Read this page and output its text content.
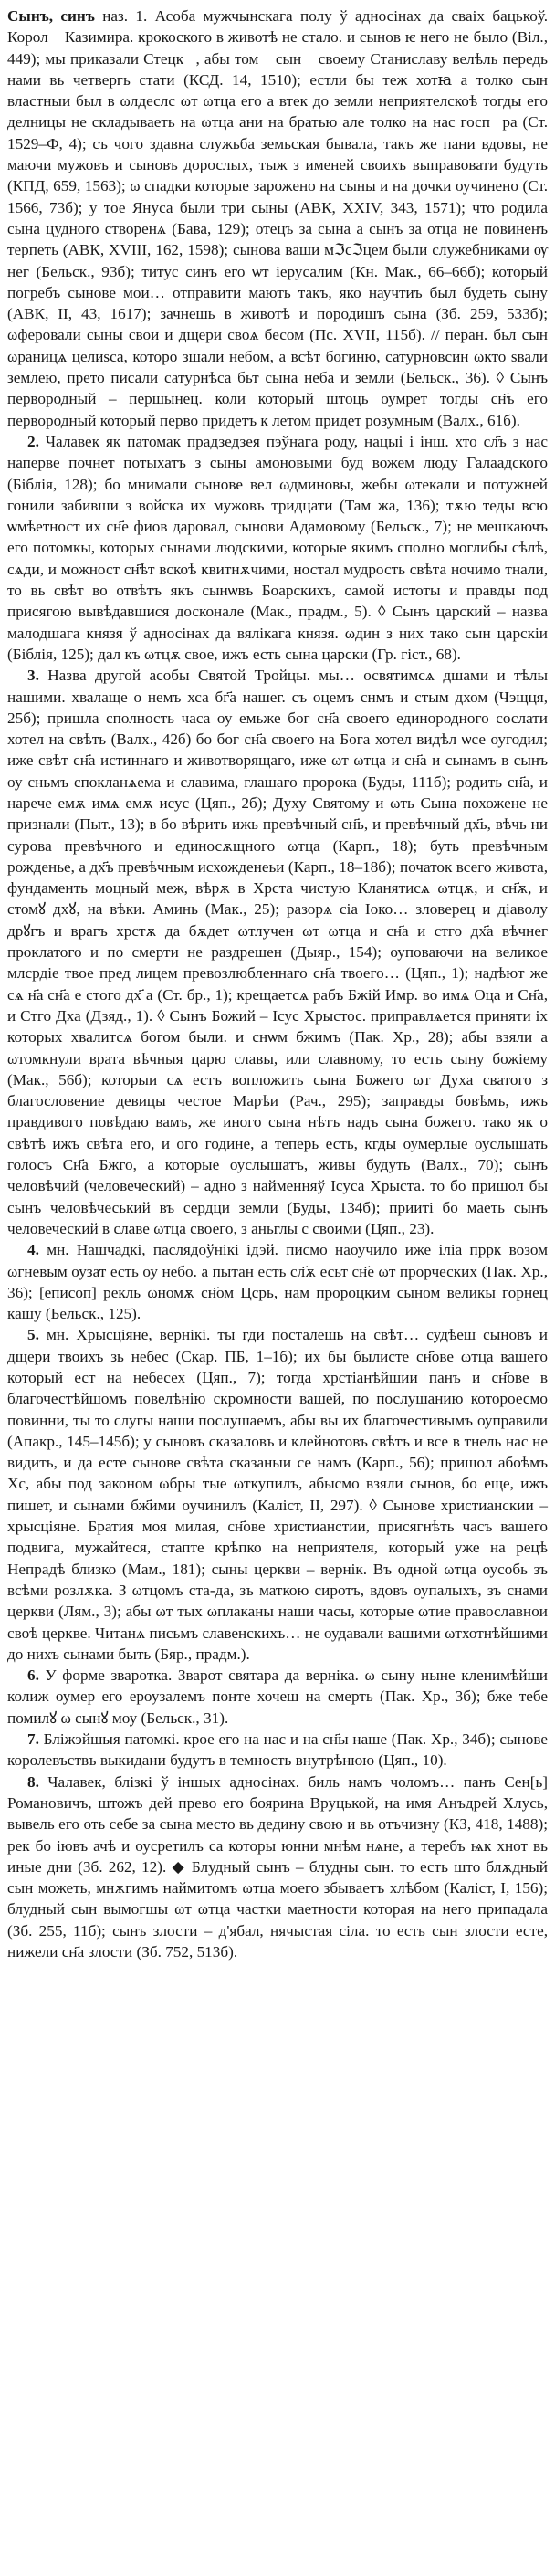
Сынъ, синъ наз. 1. Асоба мужчынскага полу ў адносінах да сваіх бацькоў. Королⷭ Казимира. крокоского в животѣ не стало. и сынов ѥ него не было (Віл., 449); мы приказали Стецкꙋ, абы томꙋ сынꙋ своему Станиславу велѣль передь нами вь четвергь стати (КСД. 14, 1510); естли бы теж хотꙗ а толко сын властныи был в ωлдеслс ωт ωтца его а втек до земли неприятелскоѣ тогды его делницы не складываеть на ωтца ани на братью але толко на нас госпⷣра (Ст. 1529–Ф, 4); съ чого здавна служьба земьская бывала, такъ же пани вдовы, не маючи мужовъ и сыновъ дорослых, тыж з именей своихъ выправовати будуть (КПД, 659, 1563); ω спадки которые зарожено на сыны и на дочки оучинено (Ст. 1566, 73б); у тое Януса были три сыны (АВК, XXIV, 343, 1571); что родила сына цудного створенѧ (Бава, 129); отецъ за сына а сынъ за отца не повиненъ терпеть (АВК, XVIII, 162, 1598); сынова ваши мℑсℑцем были служебниками ѹ нег (Бельск., 93б); титус синъ его ѡт iерусалим (Кн. Мак., 66–66б); который погребъ сынове мои… отправити мають такъ, яко научтиъ был будеть сыну (АВК, II, 43, 1617); зачнешь в животѣ и породишъ сына (Зб. 259, 533б); ωферовали сыны свои и дщери своѧ бесом (Пс. XVII, 115б). // перан. бьл сын ωраницѧ целиѕса, которо зшали небом, а всѣт богиню, сатурновсин ωкто ѕвали землею, прето писали сатурнѣса бьт сына неба и земли (Бельск., 36). ◊ Сынъ первородный – першынец. коли который штоць оумрет тогды сн҃ъ его первородный который перво придетъ к летом придет розумным (Валх., 61б).

2. Чалавек як патомак прадзедзея пэўнага роду, нацыі і інш. хто сл҃ъ з нас наперве почнет потыхатъ з сыны амоновыми буд вожем люду Галаадского (Біблія, 128); бо мнимали сынове вел ωдминовы, жебы ωтекали и потужней гонили забивши з войска их мужовъ тридцати (Там жа, 136); тѫю теды всю ѡмѣетност их сн҃е фиов даровал, сынови Адамовому (Бельск., 7); не мешкаючъ его потомкы, которых сынами людскими, которые якимъ сполно моглибы сѣлѣ, сѧди, и можност сн҃ѣт вскоѣ квитнѫчими, ностал мудрость свѣта ночимо тнали, то вь свѣт во отвѣтъ якъ сынѡвъ Боарскихъ, самой истоты и правды под присягою вывѣдавшися досконале (Мак., прадм., 5). ◊ Сынъ царский – назва малодшага князя ў адносінах да вялікага князя. ωдин з них тако сын царскiи (Біблія, 125); дал къ ωтцѫ свое, ижъ есть сына царски (Гр. гіст., 68).

3. Назва другой асобы Святой Тройцы. мы… освятимсѧ дшами и тѣлы нашими. хвалаще о немъ хса бг҃а нашег. съ оцемъ снмъ и стым дхом (Чэщця, 25б); пришла сполность часа оу емьже бог сн҃а своего единородного сослати хотел на свѣть (Валх., 42б) бо бог сн҃а своего на Бога хотел видѣл ѡсе оугодил; иже свѣт сн҃а истиннаго и животворящаго, иже ωт ωтца и сн҃а и сынамъ в сынъ оу сньмъ спокланѧема и славима, глашаго пророка (Буды, 111б); родить сн҃а, и нарече емѫ имѧ емѫ исус (Цяп., 2б); Духу Святому и ωть Сына похожене не признали (Пыт., 13); в бо вѣрить ижь превѣчный сн҃ь, и превѣчный дх҃ь, вѣчь ни сурова превѣчного и единосѫщного ωтца (Карп., 18); буть превѣчным рожденье, а дх҃ъ превѣчным исхожденеьи (Карп., 18–18б); початок всего живота, фундаменть моцный меж, вѣрѫ в Хрста чистую Кланятисѧ ωтцѫ, и сн҃ѫ, и стомꙋ дхꙋ, на вѣки. Аминь (Мак., 25); разорѧ сia Іоко… зловерец и дiаволу дрꙋгъ и врагъ хрстѫ да бѫдет ωтлучен ωт ωтца и сн҃а и стго дх҃а вѣчнег проклатого и по смерти не раздрешен (Дыяр., 154); оуповаючи на великое млсрдiе твое пред лицем превозлюбленнаго сн҃а твоего… (Цяп., 1); надѣют же сѧ н҃а сн҃а е стого дх҃ а (Ст. бр., 1); крещаетсѧ рабъ Бжiй Имр. во имѧ Оца и Сн҃а, и Стго Дха (Дзяд., 1). ◊ Сынъ Божий – Ісус Хрыстос. приправлѧется приняти iх которых хвалитсѧ богом были. и снѡм бжимъ (Пак. Хр., 28); абы взяли а ωтомкнули врата вѣчныя царю славы, или славному, то есть сыну божiему (Мак., 56б); которыи сѧ естъ вопложить сына Божего ωт Духа сватого з благословение девицы честое Марѣи (Рач., 295); заправды бовѣмъ, ижъ правдивого повѣдаю вамъ, же иного сына нѣтъ надъ сына божего. тако як о свѣтѣ ижъ свѣта его, и ого године, а теперь есть, кгды оумерлые оуслышать голосъ Сн҃а Бжго, а которые оуслышатъ, живы будуть (Валх., 70); сынъ человѣчий (человеческий) – адно з найменняў Ісуса Хрыста. то бо пришол бы сынъ человѣчеський въ сердци земли (Буды, 134б); прииті бо маеть сынъ человеческий в славе ωтца своего, з аньглы с своими (Цяп., 23).

4. мн. Нашчадкі, паслядоўнікі ідэй. писмо наоучило иже іліа пррк возом ωгневым оузат есть оу небо. а пытан есть сл҃ѫ есьт сн҃е ωт прорческих (Пак. Хр., 36); [еписоп] рекль ωномѫ сн҃ом Цсрь, нам пророцким сыном великы горнец кашу (Бельск., 125).

5. мн. Хрысціяне, вернікі. ты гди посталешь на свѣт… судѣеш сыновъ и дщери твоихъ зь небес (Скар. ПБ, 1–1б); их бы былисте сн҃ове ωтца вашего который ест на небесех (Цяп., 7); тогда хрстiанѣйшии панъ и сн҃ове в благочестѣйшомъ повелѣнiю скромности вашей, по послушанию котороесмо повинни, ты то слугы наши послушаемъ, абы вы их благочестивымъ оуправили (Апакр., 145–145б); у сыновъ сказаловъ и клейнотовъ свѣтъ и все в тнель нас не видить, и да есте сынове свѣта сказаныи се намъ (Карп., 56); пришол абоѣмъ Хс, абы под законом ωбры тые ωткупилъ, абысмо взяли сынов, бо еще, ижъ пишет, и сынами бж҃ими оучинилъ (Каліст, II, 297). ◊ Сынове христианскии – хрысціяне. Братия моя милая, сн҃ове христианстии, присягнѣть часъ вашего подвига, мужайтеся, стапте крѣпко на неприятеля, который уже на рецѣ Непрадѣ близко (Мам., 181); сыны церкви – вернік. Въ одной ωтца оусобь зъ всѣми розлѫка. З ωтцомъ ста-да, зъ маткою сиротъ, вдовъ оупалыхъ, зъ снами церкви (Лям., 3); абы ωт тых ωплаканы наши часы, которые ωтие православнои своѣ церкве. Читанѧ письмъ славенскихъ… не оудавали вашими ωтхотнѣйшими до нихъ сынами быть (Бяр., прадм.).

6. У форме зваротка. Зварот святара да верніка. ω сыну ныне кленимѣйши колиж оумер его ероузалемъ понте хочеш на смерть (Пак. Хр., 3б); бже тебе помилꙋ ω сынꙋ моу (Бельск., 31).

7. Бліжэйшыя патомкі. крое его на нас и на сн҃ы наше (Пак. Хр., 34б); сынове королевъствъ выкидани будутъ в темность внутрѣнюю (Цяп., 10).

8. Чалавек, блізкі ў іншых адносінах. биль намъ чоломъ… панъ Сен[ь] Романовичъ, штожъ дей прево его боярина Вруцькой, на имя Анъдрей Хлусь, вывель его оть себе за сына место вь дедину свою и вь отъчизну (КЗ, 418, 1488); рек бо іювъ ачѣ и оусретилъ са которы юнни мнѣм нѧне, а теребъ ѩк хнот вь иные дни (Зб. 262, 12). ◆ Блудный сынъ – блудны сын. то есть што блѫдный сын можеть, мнѫгимъ наймитомъ ωтца моего збываетъ хлѣбом (Каліст, I, 156); блудный сын вымогшы ωт ωтца частки маетности которая на него припадала (Зб. 255, 11б); сынъ злости – д'ябал, нячыстая сіла. то есть сын злости есте, нижели сн҃а злости (Зб. 752, 513б).
